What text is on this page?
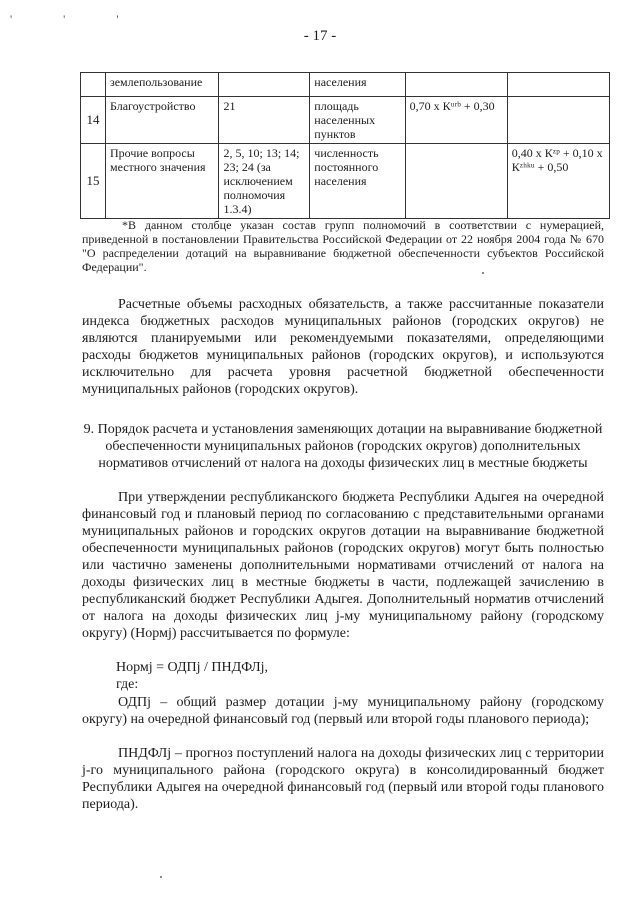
' ' '
- 17 -
	землепользование		населения		
14	Благоустройство	21	площадь населенных пунктов	0,70 х Кᵘʳᵇ + 0,30	
15	Прочие вопросы местного значения	2, 5, 10; 13; 14; 23; 24 (за исключением полномочия 1.3.4)	численность постоянного населения		0,40 х Кᶻᵖ + 0,10 х Кᶻʰᵏᵘ + 0,50
*В данном столбце указан состав групп полномочий в соответствии с нумерацией, приведенной в постановлении Правительства Российской Федерации от 22 ноября 2004 года № 670 "О распределении дотаций на выравнивание бюджетной обеспеченности субъектов Российской Федерации".
Расчетные объемы расходных обязательств, а также рассчитанные показатели индекса бюджетных расходов муниципальных районов (городских округов) не являются планируемыми или рекомендуемыми показателями, определяющими расходы бюджетов муниципальных районов (городских округов), и используются исключительно для расчета уровня расчетной бюджетной обеспеченности муниципальных районов (городских округов).
9. Порядок расчета и установления заменяющих дотации на выравнивание бюджетной обеспеченности муниципальных районов (городских округов) дополнительных нормативов отчислений от налога на доходы физических лиц в местные бюджеты
При утверждении республиканского бюджета Республики Адыгея на очередной финансовый год и плановый период по согласованию с представительными органами муниципальных районов и городских округов дотации на выравнивание бюджетной обеспеченности муниципальных районов (городских округов) могут быть полностью или частично заменены дополнительными нормативами отчислений от налога на доходы физических лиц в местные бюджеты в части, подлежащей зачислению в республиканский бюджет Республики Адыгея. Дополнительный норматив отчислений от налога на доходы физических лиц j-му муниципальному району (городскому округу) (Нормj) рассчитывается по формуле:
Нормj = ОДПj / ПНДФЛj,
где:
ОДПj – общий размер дотации j-му муниципальному району (городскому округу) на очередной финансовый год (первый или второй годы планового периода);
ПНДФЛj – прогноз поступлений налога на доходы физических лиц с территории j-го муниципального района (городского округа) в консолидированный бюджет Республики Адыгея на очередной финансовый год (первый или второй годы планового периода).
